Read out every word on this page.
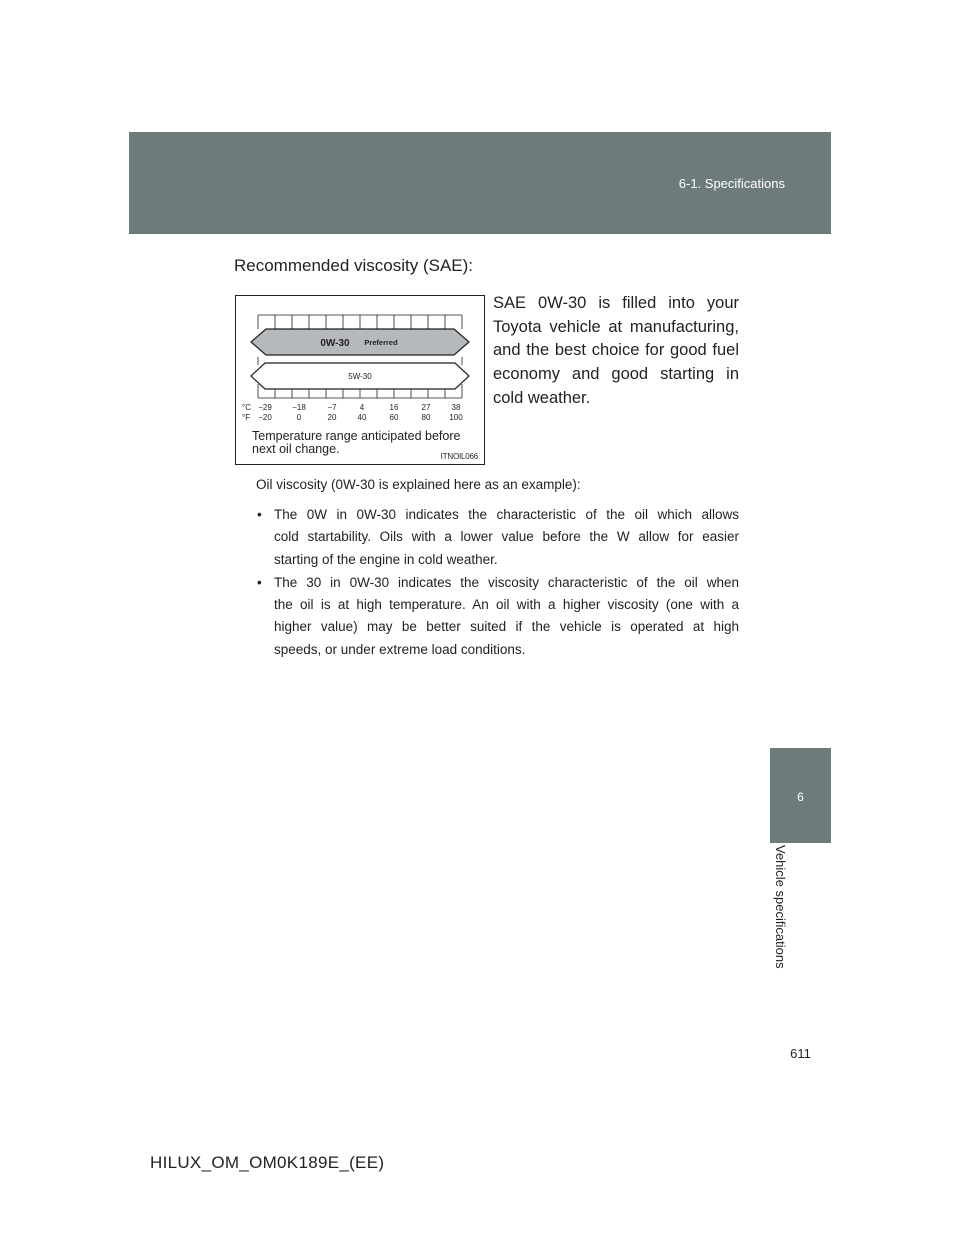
6-1. Specifications
6
Vehicle specifications
Recommended viscosity (SAE):
SAE 0W-30 is filled into your
Toyota vehicle at manufacturing,
and the best choice for good fuel
economy and good starting in
cold weather.
0W-30 Preferred
5W-30
°C
°F
−29	−18	−7	4	16	27	38
−20	0	20	40	60	80 100
Temperature range anticipated before
next oil change.
ITNOIL066
Oil viscosity (0W-30 is explained here as an example):
• The 0W in 0W-30 indicates the characteristic of the oil which allows
cold startability. Oils with a lower value before the W allow for easier
starting of the engine in cold weather.
• The 30 in 0W-30 indicates the viscosity characteristic of the oil when
the oil is at high temperature. An oil with a higher viscosity (one with a
higher value) may be better suited if the vehicle is operated at high
speeds, or under extreme load conditions.
611
HILUX_OM_OM0K189E_(EE)
